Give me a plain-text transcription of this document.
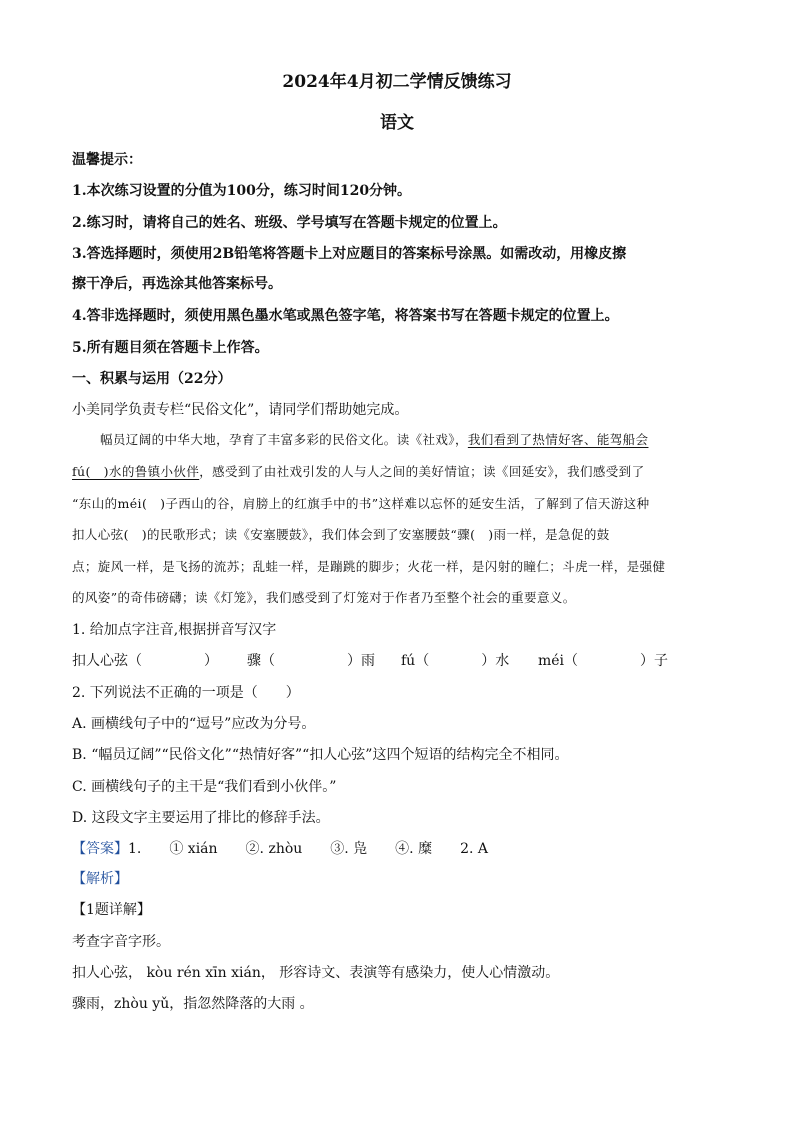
2024年4月初二学情反馈练习
语文
温馨提示：
1.本次练习设置的分值为100分，练习时间120分钟。
2.练习时，请将自己的姓名、班级、学号填写在答题卡规定的位置上。
3.答选择题时，须使用2B铅笔将答题卡上对应题目的答案标号涂黑。如需改动，用橡皮擦
擦干净后，再选涂其他答案标号。
4.答非选择题时，须使用黑色墨水笔或黑色签字笔，将答案书写在答题卡规定的位置上。
5.所有题目须在答题卡上作答。
一、积累与运用（22分）
小美同学负责专栏“民俗文化”，请同学们帮助她完成。
幅员辽阔的中华大地，孕育了丰富多彩的民俗文化。读《社戏》，我们看到了热情好客、能驾船会
fú(　)水的鲁镇小伙伴，感受到了由社戏引发的人与人之间的美好情谊；读《回延安》，我们感受到了
“东山的méi(　)子西山的谷，肩膀上的红旗手中的书”这样难以忘怀的延安生活，了解到了信天游这种
扣人心弦(　)的民歌形式；读《安塞腰鼓》，我们体会到了安塞腰鼓“骤(　)雨一样，是急促的鼓
点；旋风一样，是飞扬的流苏；乱蛙一样，是蹦跳的脚步；火花一样，是闪射的瞳仁；斗虎一样，是强健
的风姿”的奇伟磅礴；读《灯笼》，我们感受到了灯笼对于作者乃至整个社会的重要意义。
1. 给加点字注音,根据拼音写汉字
扣人心弦（	） 骤（	）雨 fú（	）水 méi（	）子
2. 下列说法不正确的一项是（　　）
A. 画横线句子中的“逗号”应改为分号。
B. “幅员辽阔”“民俗文化”“热情好客”“扣人心弦”这四个短语的结构完全不相同。
C. 画横线句子的主干是“我们看到小伙伴。”
D. 这段文字主要运用了排比的修辞手法。
【答案】1.　　① xián　　②. zhòu　　③. 凫　　④. 糜　　2. A
【解析】
【1题详解】
考查字音字形。
扣人心弦， kòu rén xīn xián， 形容诗文、表演等有感染力，使人心情激动。
骤雨，zhòu yǔ，指忽然降落的大雨 。
